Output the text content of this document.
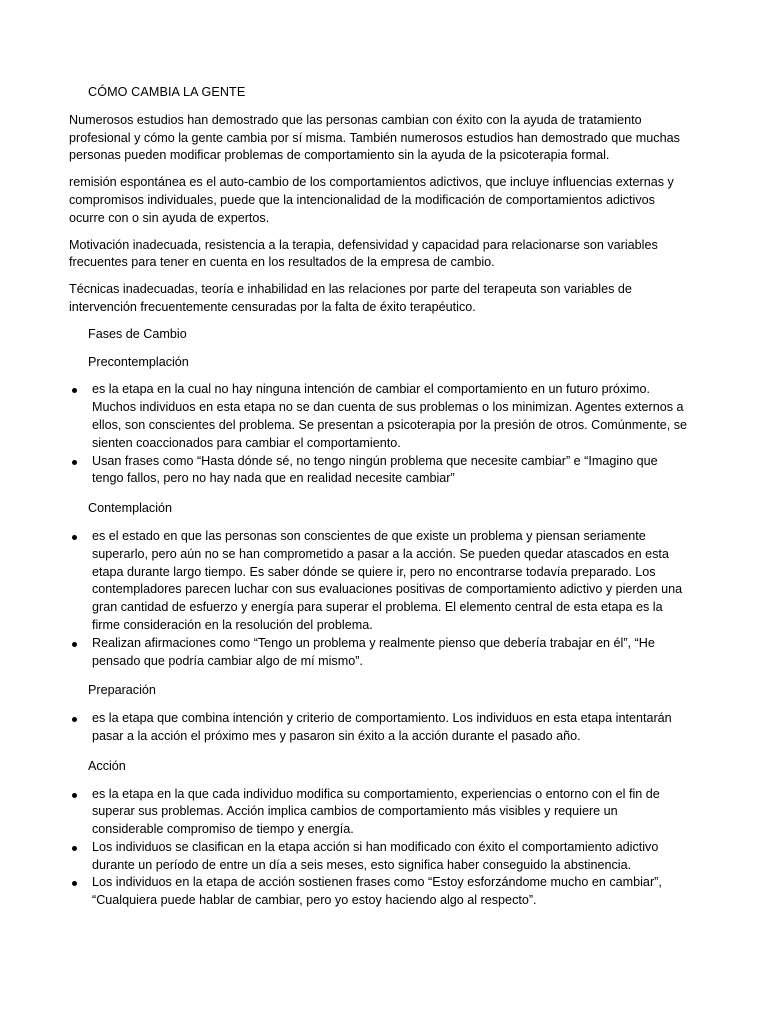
CÓMO CAMBIA LA GENTE

Numerosos estudios han demostrado que las personas cambian con éxito con la ayuda de tratamiento profesional y cómo la gente cambia por sí misma. También numerosos estudios han demostrado que muchas personas pueden modificar problemas de comportamiento sin la ayuda de la psicoterapia formal.

remisión espontánea es el auto-cambio de los comportamientos adictivos, que incluye influencias externas y compromisos individuales, puede que la intencionalidad de la modificación de comportamientos adictivos ocurre con o sin ayuda de expertos.

Motivación inadecuada, resistencia a la terapia, defensividad y capacidad para relacionarse son variables frecuentes para tener en cuenta en los resultados de la empresa de cambio.

Técnicas inadecuadas, teoría e inhabilidad en las relaciones por parte del terapeuta son variables de intervención frecuentemente censuradas por la falta de éxito terapéutico.

Fases de Cambio

Precontemplación

es la etapa en la cual no hay ninguna intención de cambiar el comportamiento en un futuro próximo. Muchos individuos en esta etapa no se dan cuenta de sus problemas o los minimizan. Agentes externos a ellos, son conscientes del problema. Se presentan a psicoterapia por la presión de otros. Comúnmente, se sienten coaccionados para cambiar el comportamiento.
Usan frases como “Hasta dónde sé, no tengo ningún problema que necesite cambiar” e “Imagino que tengo fallos, pero no hay nada que en realidad necesite cambiar”

Contemplación

es el estado en que las personas son conscientes de que existe un problema y piensan seriamente superarlo, pero aún no se han comprometido a pasar a la acción. Se pueden quedar atascados en esta etapa durante largo tiempo. Es saber dónde se quiere ir, pero no encontrarse todavía preparado. Los contempladores parecen luchar con sus evaluaciones positivas de comportamiento adictivo y pierden una gran cantidad de esfuerzo y energía para superar el problema. El elemento central de esta etapa es la firme consideración en la resolución del problema.
Realizan afirmaciones como “Tengo un problema y realmente pienso que debería trabajar en él”, “He pensado que podría cambiar algo de mí mismo”.

Preparación

es la etapa que combina intención y criterio de comportamiento. Los individuos en esta etapa intentarán pasar a la acción el próximo mes y pasaron sin éxito a la acción durante el pasado año.

Acción

es la etapa en la que cada individuo modifica su comportamiento, experiencias o entorno con el fin de superar sus problemas. Acción implica cambios de comportamiento más visibles y requiere un considerable compromiso de tiempo y energía.
Los individuos se clasifican en la etapa acción si han modificado con éxito el comportamiento adictivo durante un período de entre un día a seis meses, esto significa haber conseguido la abstinencia.
Los individuos en la etapa de acción sostienen frases como “Estoy esforzándome mucho en cambiar”, “Cualquiera puede hablar de cambiar, pero yo estoy haciendo algo al respecto”.
